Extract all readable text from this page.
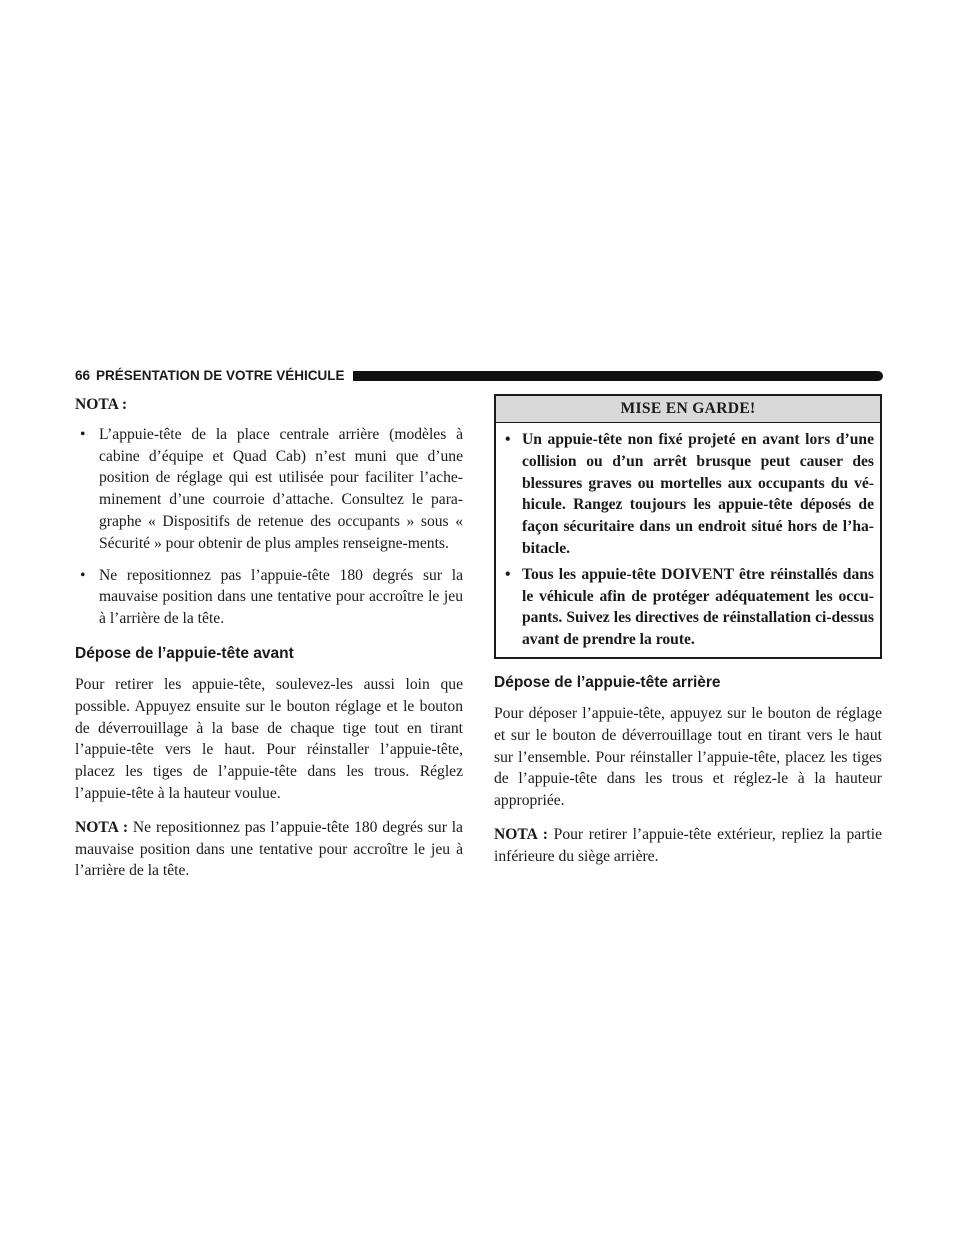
66 PRÉSENTATION DE VOTRE VÉHICULE
NOTA :
• L’appuie-tête de la place centrale arrière (modèles à cabine d’équipe et Quad Cab) n’est muni que d’une position de réglage qui est utilisée pour faciliter l’ache-minement d’une courroie d’attache. Consultez le para-graphe « Dispositifs de retenue des occupants » sous « Sécurité » pour obtenir de plus amples renseigne-ments.
• Ne repositionnez pas l’appuie-tête 180 degrés sur la mauvaise position dans une tentative pour accroître le jeu à l’arrière de la tête.
Dépose de l’appuie-tête avant

Pour retirer les appuie-tête, soulevez-les aussi loin que possible. Appuyez ensuite sur le bouton réglage et le bouton de déverrouillage à la base de chaque tige tout en tirant l’appuie-tête vers le haut. Pour réinstaller l’appuie-tête, placez les tiges de l’appuie-tête dans les trous. Réglez l’appuie-tête à la hauteur voulue.

NOTA : Ne repositionnez pas l’appuie-tête 180 degrés sur la mauvaise position dans une tentative pour accroître le jeu à l’arrière de la tête.

MISE EN GARDE!
• Un appuie-tête non fixé projeté en avant lors d’une collision ou d’un arrêt brusque peut causer des blessures graves ou mortelles aux occupants du vé-hicule. Rangez toujours les appuie-tête déposés de façon sécuritaire dans un endroit situé hors de l’ha-bitacle.
• Tous les appuie-tête DOIVENT être réinstallés dans le véhicule afin de protéger adéquatement les occu-pants. Suivez les directives de réinstallation ci-dessus avant de prendre la route.
Dépose de l’appuie-tête arrière

Pour déposer l’appuie-tête, appuyez sur le bouton de réglage et sur le bouton de déverrouillage tout en tirant vers le haut sur l’ensemble. Pour réinstaller l’appuie-tête, placez les tiges de l’appuie-tête dans les trous et réglez-le à la hauteur appropriée.

NOTA : Pour retirer l’appuie-tête extérieur, repliez la partie inférieure du siège arrière.
